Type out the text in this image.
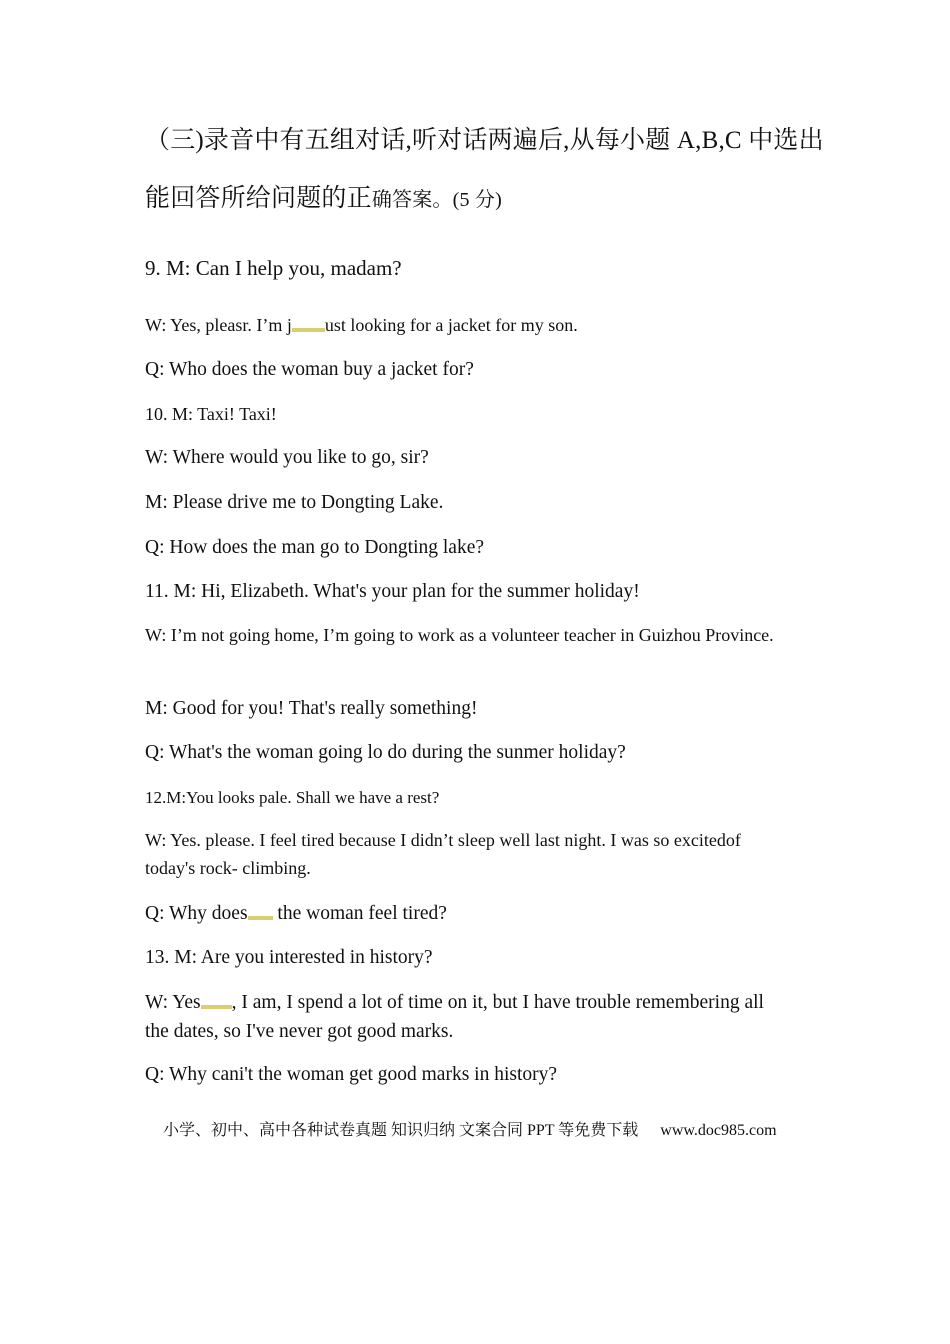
（三)录音中有五组对话,听对话两遍后,从每小题 A,B,C 中选出
能回答所给问题的正确答案。(5 分)
9. M: Can I help you, madam?
W: Yes, pleasr. I’m j ust looking for a jacket for my son.
Q: Who does the woman buy a jacket for?
10. M: Taxi! Taxi!
W: Where would you like to go, sir?
M: Please drive me to Dongting Lake.
Q: How does the man go to Dongting lake?
11. M: Hi, Elizabeth. What's your plan for the summer holiday!
W: I’m not going home, I’m going to work as a volunteer teacher in Guizhou Province.
M: Good for you! That's really something!
Q: What's the woman going lo do during the sunmer holiday?
12.M:You looks pale. Shall we have a rest?
W: Yes. please. I feel tired because I didn’t sleep well last night. I was so excitedof today's rock- climbing.
Q: Why does the woman feel tired?
13. M: Are you interested in history?
W: Yes , I am, I spend a lot of time on it, but I have trouble remembering all the dates, so I've never got good marks.
Q: Why cani't the woman get good marks in history?
小学、初中、高中各种试卷真题 知识归纳 文案合同 PPT 等免费下载 www.doc985.com
